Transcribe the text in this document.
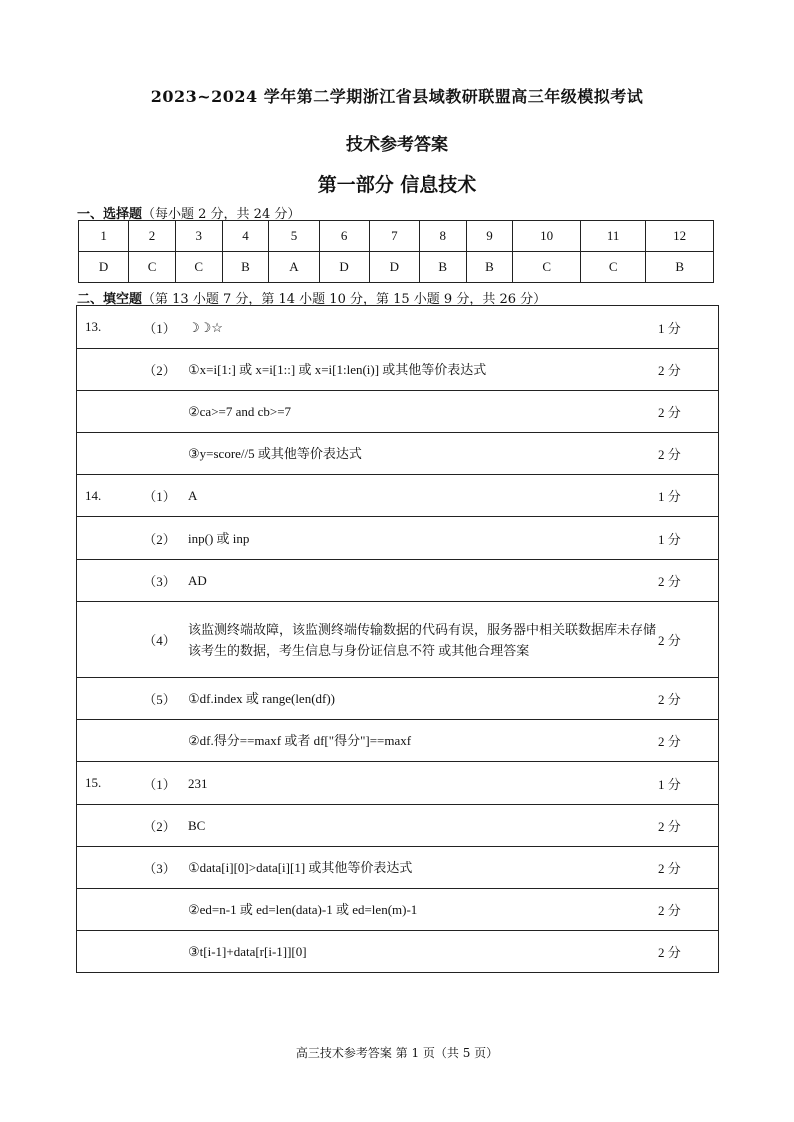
2023~2024 学年第二学期浙江省县域教研联盟高三年级模拟考试
技术参考答案
第一部分 信息技术
一、选择题（每小题 2 分，共 24 分）
1	2	3	4	5	6	7	8	9	10	11	12
D	C	C	B	A	D	D	B	B	C	C	B
二、填空题（第 13 小题 7 分，第 14 小题 10 分，第 15 小题 9 分，共 26 分）
13.	（1）	☽☽☆	1 分
	（2）	①x=i[1:] 或 x=i[1::] 或 x=i[1:len(i)] 或其他等价表达式	2 分
		②ca>=7 and cb>=7	2 分
		③y=score//5 或其他等价表达式	2 分
14.	（1）	A	1 分
	（2）	inp() 或 inp	1 分
	（3）	AD	2 分
	（4）	该监测终端故障，该监测终端传输数据的代码有误，服务器中相关联数据库未存储该考生的数据，考生信息与身份证信息不符 或其他合理答案	2 分
	（5）	①df.index 或 range(len(df))	2 分
		②df.得分==maxf 或者 df["得分"]==maxf	2 分
15.	（1）	231	1 分
	（2）	BC	2 分
	（3）	①data[i][0]>data[i][1] 或其他等价表达式	2 分
		②ed=n-1 或 ed=len(data)-1 或 ed=len(m)-1	2 分
		③t[i-1]+data[r[i-1]][0]	2 分
高三技术参考答案 第 1 页（共 5 页）
